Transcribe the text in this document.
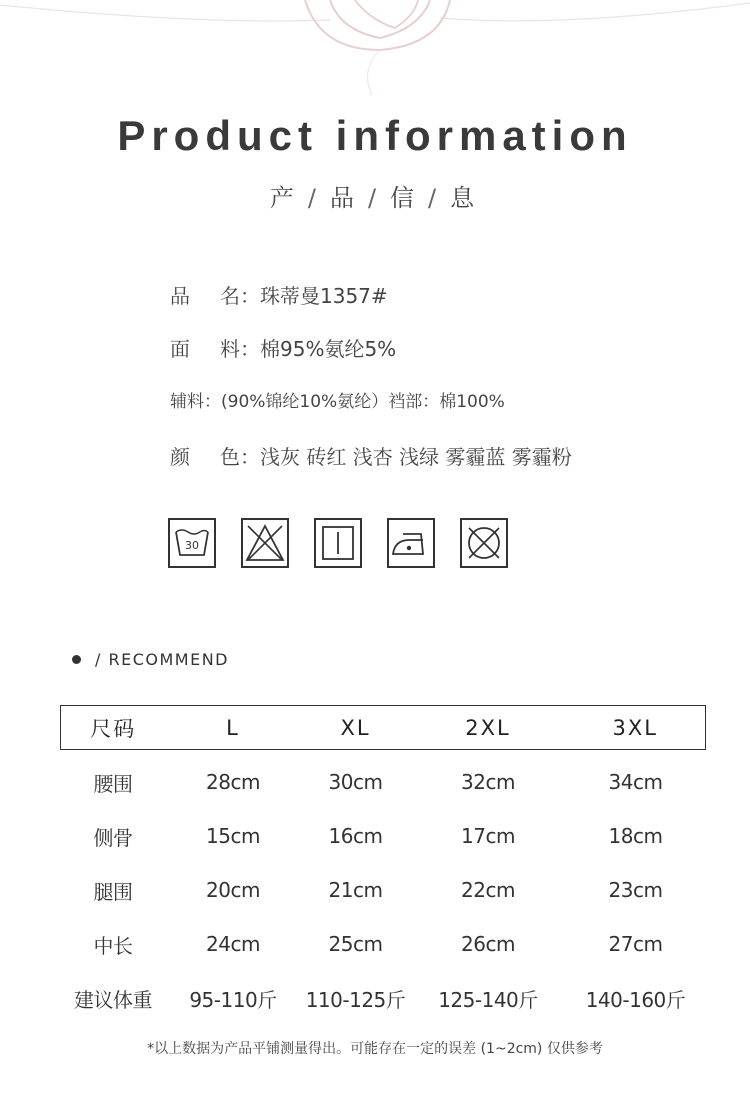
Product information
产 / 品 / 信 / 息
品 名：珠蒂曼1357#
面 料：棉95%氨纶5%
辅料：(90%锦纶10%氨纶）裆部：棉100%
颜 色：浅灰 砖红 浅杏 浅绿 雾霾蓝 雾霾粉
30
/ RECOMMEND
尺码	L	XL	2XL	3XL
腰围	28cm	30cm	32cm	34cm
侧骨	15cm	16cm	17cm	18cm
腿围	20cm	21cm	22cm	23cm
中长	24cm	25cm	26cm	27cm
建议体重	95-110斤	110-125斤	125-140斤	140-160斤
*以上数据为产品平铺测量得出。可能存在一定的误差 (1~2cm) 仅供参考
